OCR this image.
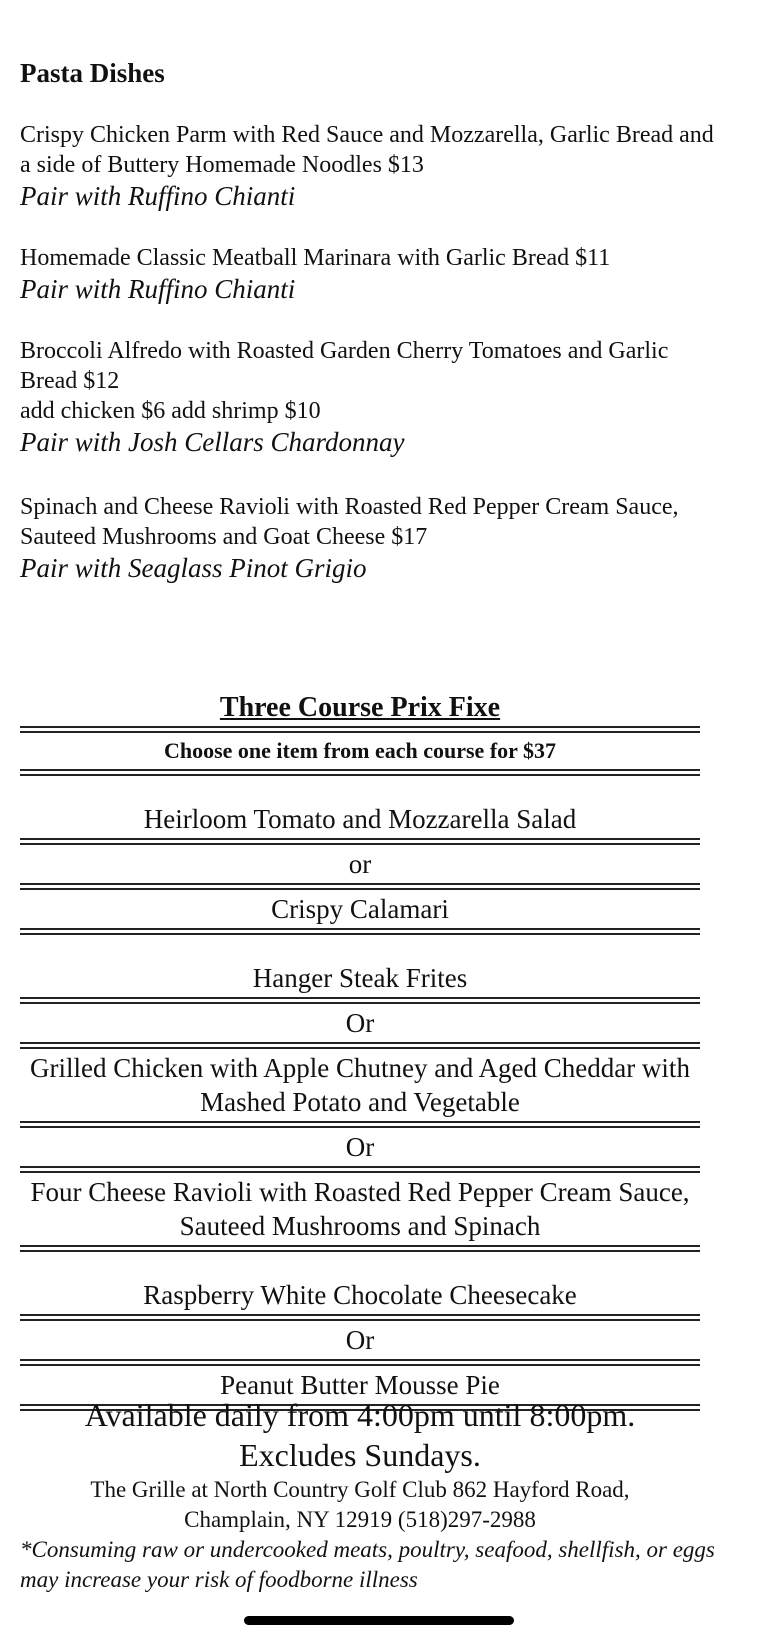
Pasta Dishes
Crispy Chicken Parm with Red Sauce and Mozzarella, Garlic Bread and a side of Buttery Homemade Noodles $13
Pair with Ruffino Chianti
Homemade Classic Meatball Marinara with Garlic Bread $11
Pair with Ruffino Chianti
Broccoli Alfredo with Roasted Garden Cherry Tomatoes and Garlic Bread $12
add chicken $6 add shrimp $10
Pair with Josh Cellars Chardonnay
Spinach and Cheese Ravioli with Roasted Red Pepper Cream Sauce, Sauteed Mushrooms and Goat Cheese $17
Pair with Seaglass Pinot Grigio
Three Course Prix Fixe
Choose one item from each course for $37
Heirloom Tomato and Mozzarella Salad
or
Crispy Calamari
Hanger Steak Frites
Or
Grilled Chicken with Apple Chutney and Aged Cheddar with Mashed Potato and Vegetable
Or
Four Cheese Ravioli with Roasted Red Pepper Cream Sauce, Sauteed Mushrooms and Spinach
Raspberry White Chocolate Cheesecake
Or
Peanut Butter Mousse Pie
Available daily from 4:00pm until 8:00pm.
Excludes Sundays.
The Grille at North Country Golf Club 862 Hayford Road,
Champlain, NY 12919 (518)297-2988
*Consuming raw or undercooked meats, poultry, seafood, shellfish, or eggs may increase your risk of foodborne illness
